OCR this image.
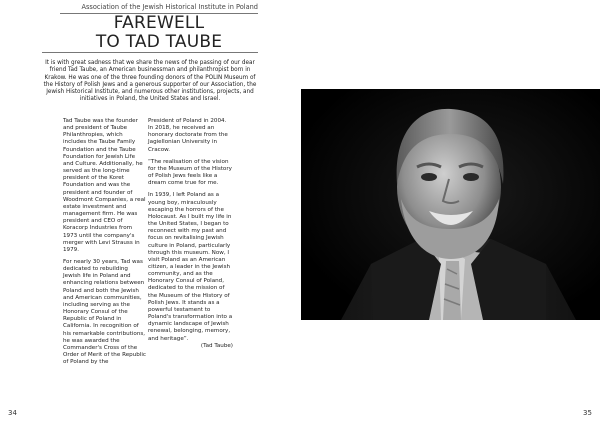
Association of the Jewish Historical Institute in Poland
FAREWELL
TO TAD TAUBE

It is with great sadness that we share the news of the passing of our dear friend Tad Taube, an American businessman and philanthropist born in Krakow. He was one of the three founding donors of the POLIN Museum of the History of Polish Jews and a generous supporter of our Association, the Jewish Historical Institute, and numerous other institutions, projects, and initiatives in Poland, the United States and Israel.

Tad Taube was the founder and president of Taube Philanthropies, which includes the Taube Family Foundation and the Taube Foundation for Jewish Life and Culture. Additionally, he served as the long-time president of the Koret Foundation and was the president and founder of Woodmont Companies, a real estate investment and management firm. He was president and CEO of Koracorp Industries from 1973 until the company's merger with Levi Strauss in 1979.

For nearly 30 years, Tad was dedicated to rebuilding Jewish life in Poland and enhancing relations between Poland and both the Jewish and American communities, including serving as the Honorary Consul of the Republic of Poland in California. In recognition of his remarkable contributions, he was awarded the Commander's Cross of the Order of Merit of the Republic of Poland by the

President of Poland in 2004. In 2018, he received an honorary doctorate from the Jagiellonian University in Cracow.

“The realisation of the vision for the Museum of the History of Polish Jews feels like a dream come true for me.

In 1939, I left Poland as a young boy, miraculously escaping the horrors of the Holocaust. As I built my life in the United States, I began to reconnect with my past and focus on revitalising Jewish culture in Poland, particularly through this museum. Now, I visit Poland as an American citizen, a leader in the Jewish community, and as the Honorary Consul of Poland, dedicated to the mission of the Museum of the History of Polish Jews. It stands as a powerful testament to Poland's transformation into a dynamic landscape of Jewish renewal, belonging, memory, and heritage”.

(Tad Taube)
34	35
